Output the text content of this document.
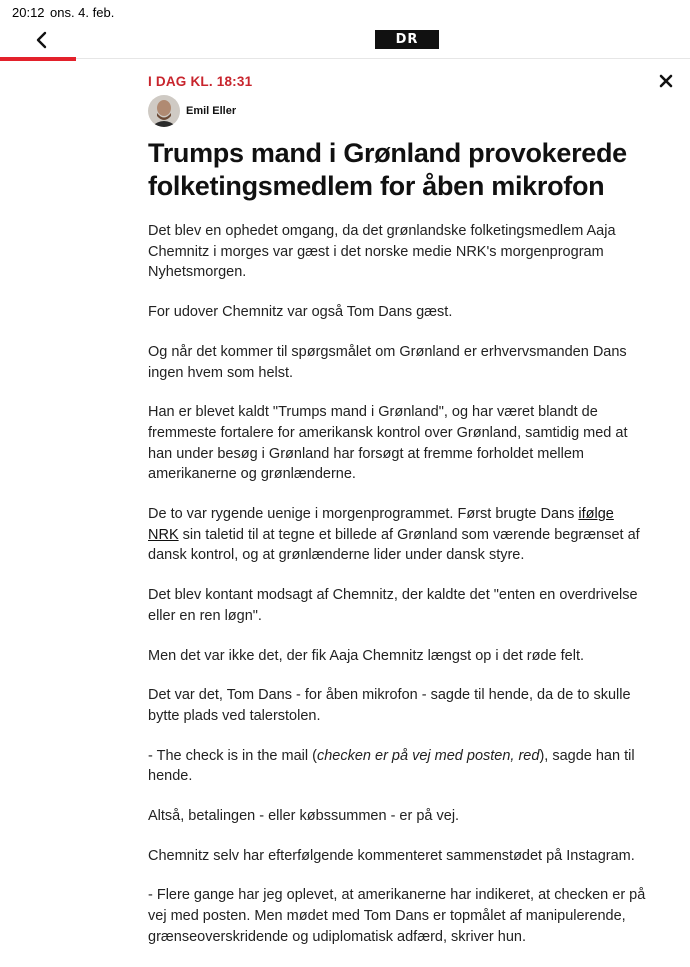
20:12 ons. 4. feb.
DR
I DAG KL. 18:31
Emil Eller
Trumps mand i Grønland provokerede folketingsmedlem for åben mikrofon

Det blev en ophedet omgang, da det grønlandske folketingsmedlem Aaja Chemnitz i morges var gæst i det norske medie NRK's morgenprogram Nyhetsmorgen.

For udover Chemnitz var også Tom Dans gæst.

Og når det kommer til spørgsmålet om Grønland er erhvervsmanden Dans ingen hvem som helst.

Han er blevet kaldt "Trumps mand i Grønland", og har været blandt de fremmeste fortalere for amerikansk kontrol over Grønland, samtidig med at han under besøg i Grønland har forsøgt at fremme forholdet mellem amerikanerne og grønlænderne.

De to var rygende uenige i morgenprogrammet. Først brugte Dans ifølge NRK sin taletid til at tegne et billede af Grønland som værende begrænset af dansk kontrol, og at grønlænderne lider under dansk styre.

Det blev kontant modsagt af Chemnitz, der kaldte det "enten en overdrivelse eller en ren løgn".

Men det var ikke det, der fik Aaja Chemnitz længst op i det røde felt.

Det var det, Tom Dans - for åben mikrofon - sagde til hende, da de to skulle bytte plads ved talerstolen.

- The check is in the mail (checken er på vej med posten, red), sagde han til hende.

Altså, betalingen - eller købssummen - er på vej.

Chemnitz selv har efterfølgende kommenteret sammenstødet på Instagram.

- Flere gange har jeg oplevet, at amerikanerne har indikeret, at checken er på vej med posten. Men mødet med Tom Dans er topmålet af manipulerende, grænseoverskridende og udiplomatisk adfærd, skriver hun.
